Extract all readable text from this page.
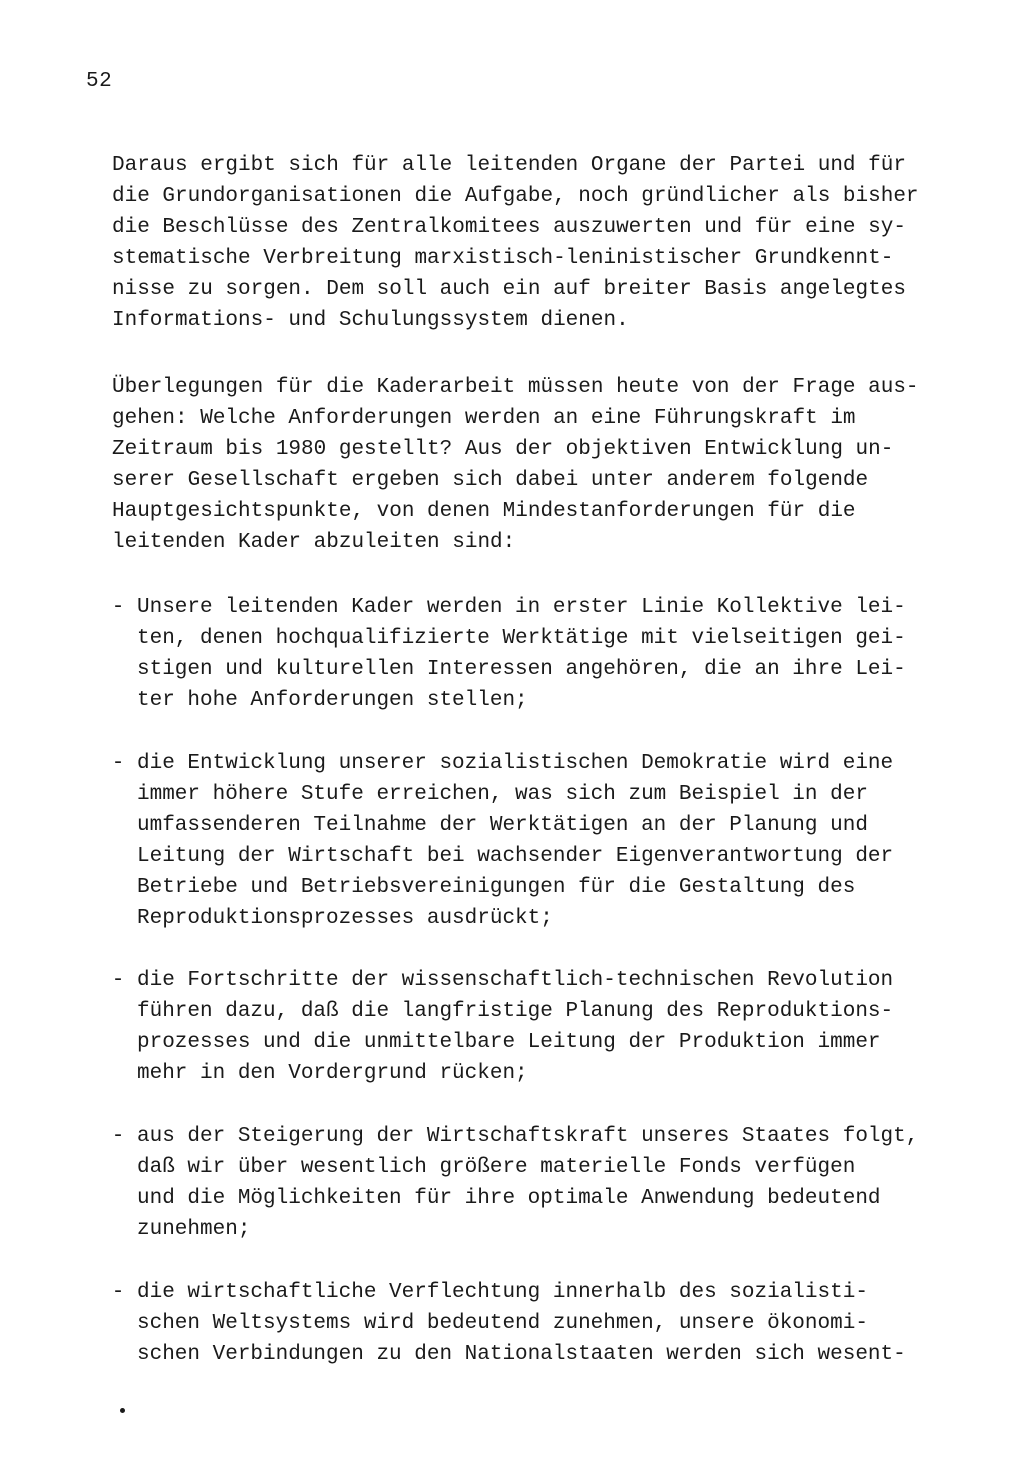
52
Daraus ergibt sich für alle leitenden Organe der Partei und für
die Grundorganisationen die Aufgabe, noch gründlicher als bisher
die Beschlüsse des Zentralkomitees auszuwerten und für eine sy-
stematische Verbreitung marxistisch-leninistischer Grundkennt-
nisse zu sorgen. Dem soll auch ein auf breiter Basis angelegtes
Informations- und Schulungssystem dienen.
Überlegungen für die Kaderarbeit müssen heute von der Frage aus-
gehen: Welche Anforderungen werden an eine Führungskraft im
Zeitraum bis 1980 gestellt? Aus der objektiven Entwicklung un-
serer Gesellschaft ergeben sich dabei unter anderem folgende
Hauptgesichtspunkte, von denen Mindestanforderungen für die
leitenden Kader abzuleiten sind:
- Unsere leitenden Kader werden in erster Linie Kollektive lei-
ten, denen hochqualifizierte Werktätige mit vielseitigen gei-
stigen und kulturellen Interessen angehören, die an ihre Lei-
ter hohe Anforderungen stellen;
- die Entwicklung unserer sozialistischen Demokratie wird eine
immer höhere Stufe erreichen, was sich zum Beispiel in der
umfassenderen Teilnahme der Werktätigen an der Planung und
Leitung der Wirtschaft bei wachsender Eigenverantwortung der
Betriebe und Betriebsvereinigungen für die Gestaltung des
Reproduktionsprozesses ausdrückt;
- die Fortschritte der wissenschaftlich-technischen Revolution
führen dazu, daß die langfristige Planung des Reproduktions-
prozesses und die unmittelbare Leitung der Produktion immer
mehr in den Vordergrund rücken;
- aus der Steigerung der Wirtschaftskraft unseres Staates folgt,
daß wir über wesentlich größere materielle Fonds verfügen
und die Möglichkeiten für ihre optimale Anwendung bedeutend
zunehmen;
- die wirtschaftliche Verflechtung innerhalb des sozialisti-
schen Weltsystems wird bedeutend zunehmen, unsere ökonomi-
schen Verbindungen zu den Nationalstaaten werden sich wesent-
